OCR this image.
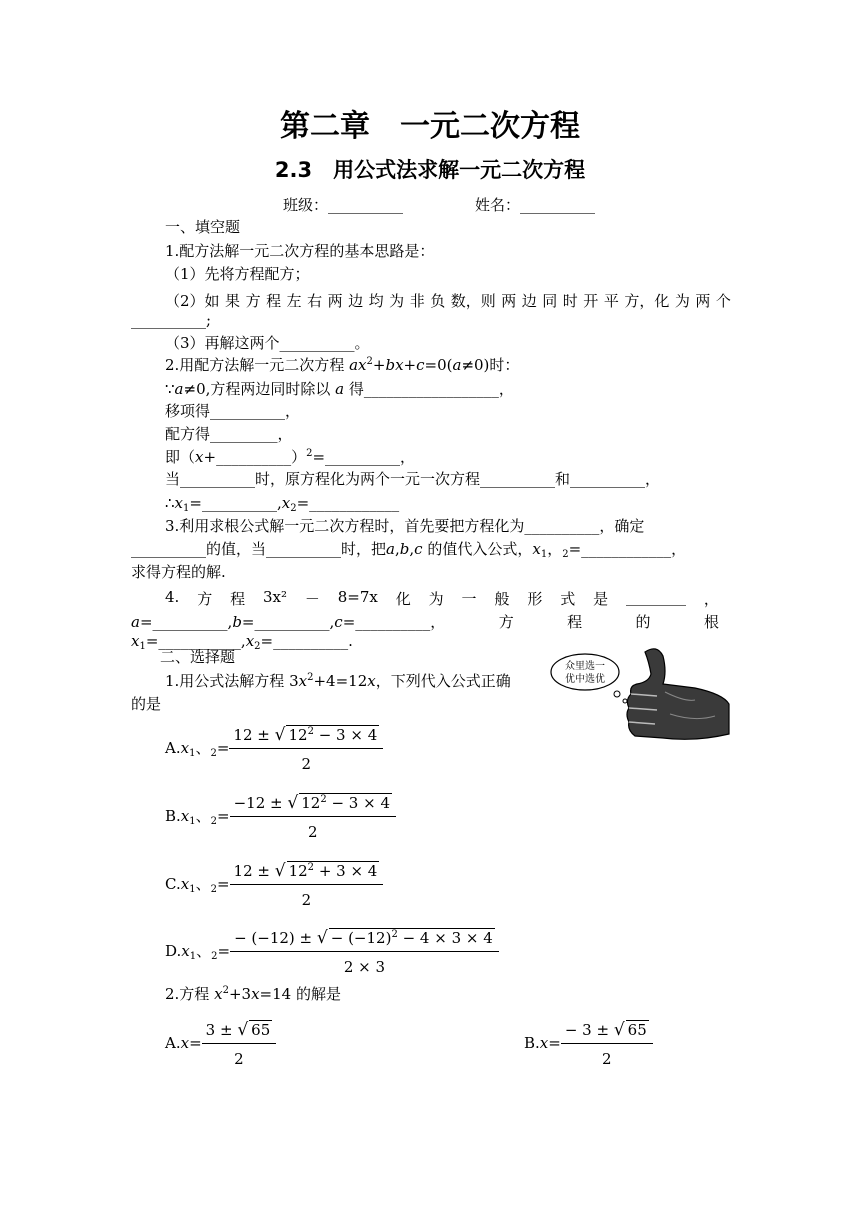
第二章　一元二次方程
2.3　用公式法求解一元二次方程
班级：__________	姓名：__________
一、填空题
1.配方法解一元二次方程的基本思路是：
（1）先将方程配方；
（2）如 果 方 程 左 右 两 边 均 为 非 负 数，则 两 边 同 时 开 平 方，化 为 两 个
__________;
（3）再解这两个__________。
2.用配方法解一元二次方程 $ax^2+bx+c=0(a\ne 0)$时：
∵a≠0,方程两边同时除以 a 得__________________，
移项得__________，
配方得_________，
即（x+__________）$^2$=__________，
当__________时，原方程化为两个一元一次方程__________和__________，
$\therefore x_1=\_\_\_\_\_\_\_\_\_\_,x_2=\_\_\_\_\_\_\_\_\_\_\_\_$
3.利用求根公式解一元二次方程时，首先要把方程化为__________，确定
__________的值，当__________时，把a,b,c 的值代入公式，$x_1$，$_2$=____________，
求得方程的解.
4. 方 程 3x² － 8=7x 化 为 一 般 形 式 是 ________ ，
a=__________,b=__________,c=__________，	方	程	的	根
$x_1=\_\_\_\_\_\_\_\_\_\_\_,x_2=\_\_\_\_\_\_\_\_\_\_$.
二、选择题
1.用公式法解方程 $3x^2+4=12x$，下列代入公式正确
的是
众里选一
优中选优
$A.x_1$、$_2= \frac{12 \pm √ 12^2 - 3 \times 4}{2}$
$B.x_1$、$_2= \frac{-12 \pm √ 12^2 - 3 \times 4}{2}$
$C.x_1$、$_2= \frac{12 \pm √ 12^2 + 3 \times 4}{2}$
$D.x_1$、$_2= \frac{- (-12) \pm √ - (-12)^2 - 4 \times 3 \times 4}{2 \times 3}$
2.方程 $x^2+3x=14$ 的解是
$A.x= \frac{3 \pm √ 65}{2}$	$B.x= \frac{- 3 \pm √ 65}{2}$
